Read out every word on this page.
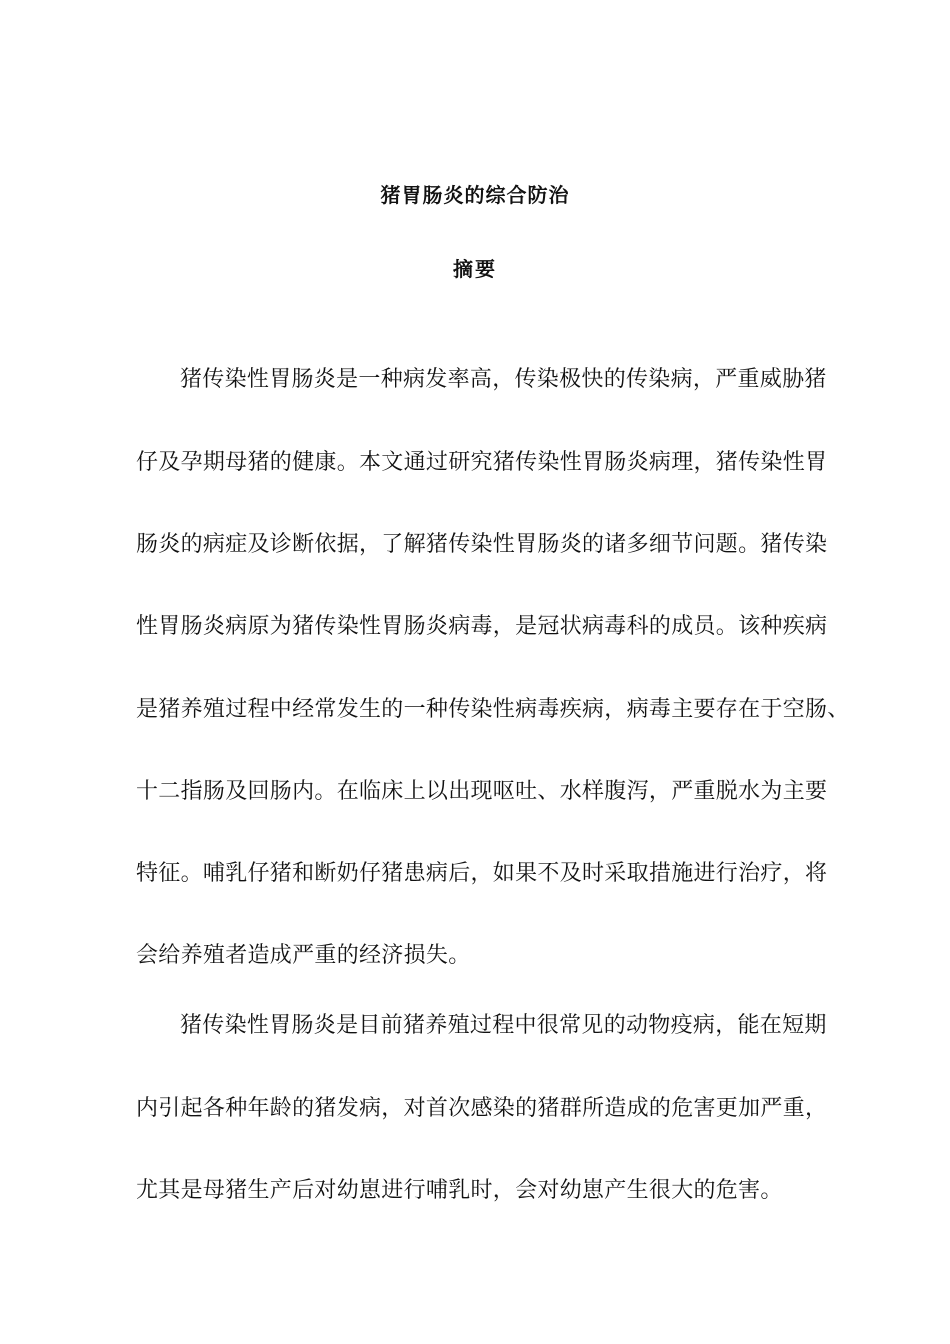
猪胃肠炎的综合防治
摘要
猪传染性胃肠炎是一种病发率高，传染极快的传染病，严重威胁猪
仔及孕期母猪的健康。本文通过研究猪传染性胃肠炎病理，猪传染性胃
肠炎的病症及诊断依据，了解猪传染性胃肠炎的诸多细节问题。猪传染
性胃肠炎病原为猪传染性胃肠炎病毒，是冠状病毒科的成员。该种疾病
是猪养殖过程中经常发生的一种传染性病毒疾病，病毒主要存在于空肠、
十二指肠及回肠内。在临床上以出现呕吐、水样腹泻，严重脱水为主要
特征。哺乳仔猪和断奶仔猪患病后，如果不及时采取措施进行治疗，将
会给养殖者造成严重的经济损失。
猪传染性胃肠炎是目前猪养殖过程中很常见的动物疫病，能在短期
内引起各种年龄的猪发病，对首次感染的猪群所造成的危害更加严重，
尤其是母猪生产后对幼崽进行哺乳时，会对幼崽产生很大的危害。
